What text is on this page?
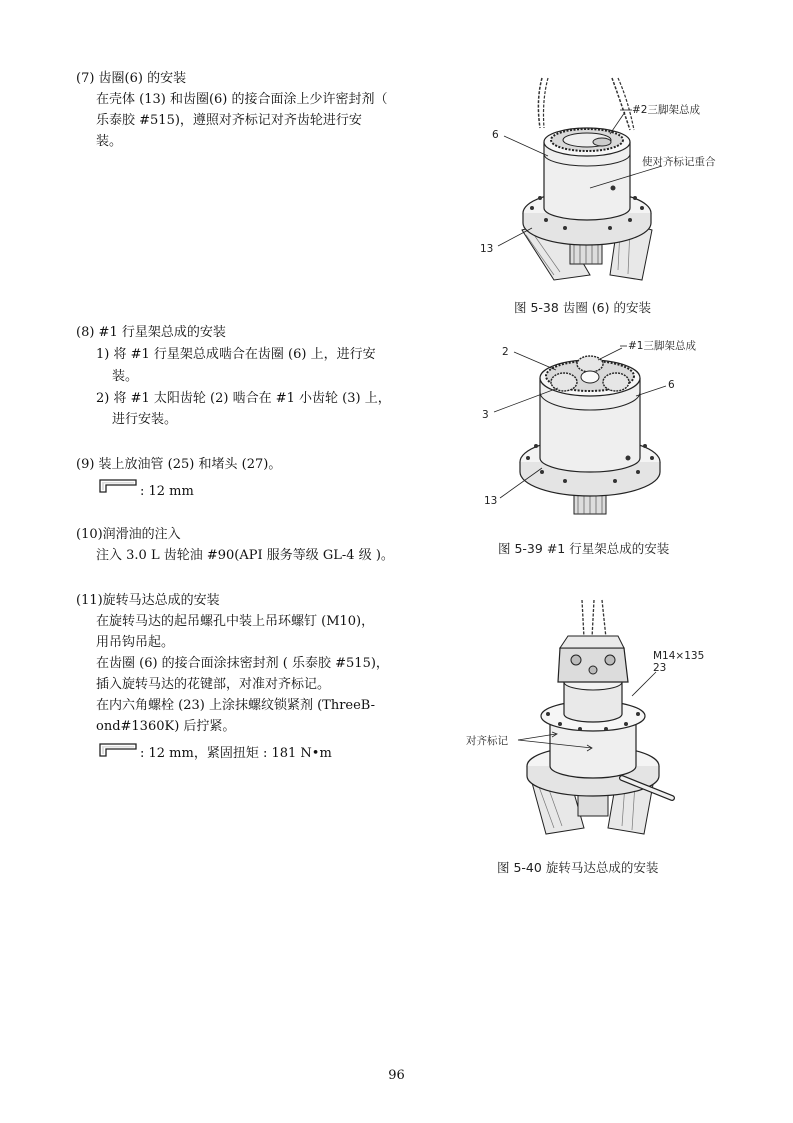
(7) 齿圈(6) 的安装
在壳体 (13) 和齿圈(6) 的接合面涂上少许密封剂（
乐泰胶 #515)，遵照对齐标记对齐齿轮进行安
装。
(8) #1 行星架总成的安装
1) 将 #1 行星架总成啮合在齿圈 (6) 上，进行安
装。
2) 将 #1 太阳齿轮 (2) 啮合在 #1 小齿轮 (3) 上，
进行安装。
(9) 装上放油管 (25) 和堵头 (27)。
: 12 mm
(10)润滑油的注入
注入 3.0 L 齿轮油 #90(API 服务等级 GL-4 级 )。
(11)旋转马达总成的安装
在旋转马达的起吊螺孔中装上吊环螺钉 (M10)，
用吊钩吊起。
在齿圈 (6) 的接合面涂抹密封剂 ( 乐泰胶 #515)，
插入旋转马达的花键部，对准对齐标记。
在内六角螺栓 (23) 上涂抹螺纹锁紧剂 (ThreeB-
ond#1360K) 后拧紧。
: 12 mm，紧固扭矩 : 181 N•m
#2三脚架总成
6
使对齐标记重合
13
图 5-38 齿圈 (6) 的安装
2	#1三脚架总成
6
3
13
图 5-39 #1 行星架总成的安装
M14×135
23
对齐标记
图 5-40 旋转马达总成的安装
96
